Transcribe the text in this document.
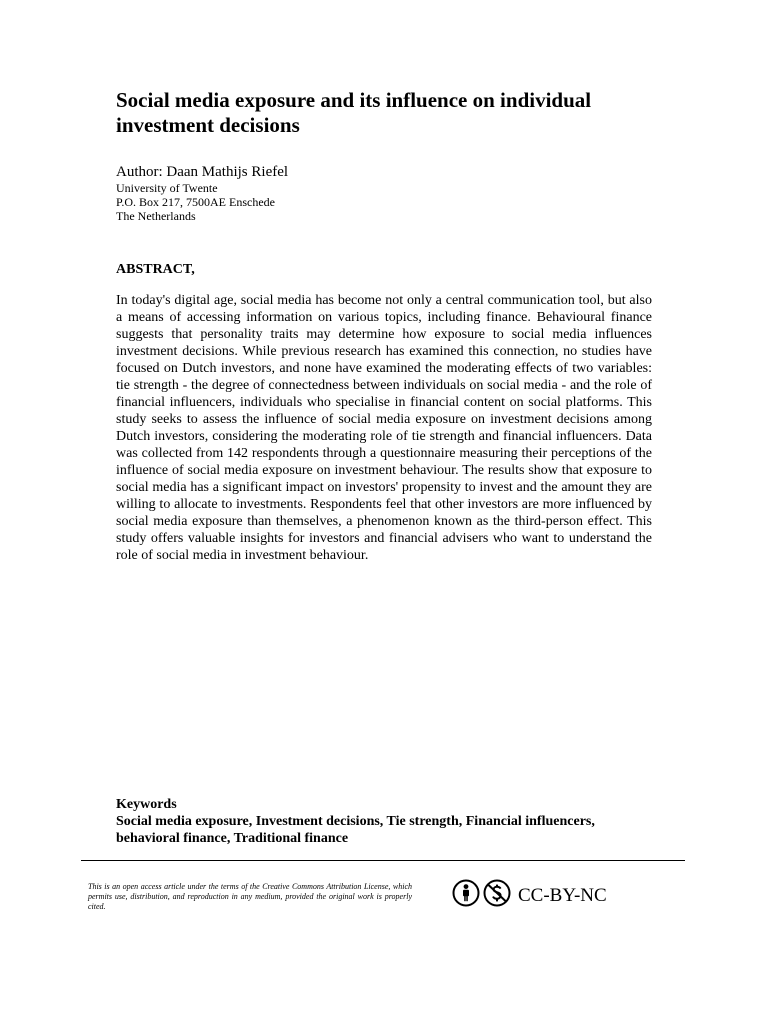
Social media exposure and its influence on individual investment decisions

Author: Daan Mathijs Riefel

University of Twente

P.O. Box 217, 7500AE Enschede

The Netherlands

ABSTRACT,

In today's digital age, social media has become not only a central communication tool, but also a means of accessing information on various topics, including finance. Behavioural finance suggests that personality traits may determine how exposure to social media influences investment decisions. While previous research has examined this connection, no studies have focused on Dutch investors, and none have examined the moderating effects of two variables: tie strength - the degree of connectedness between individuals on social media - and the role of financial influencers, individuals who specialise in financial content on social platforms. This study seeks to assess the influence of social media exposure on investment decisions among Dutch investors, considering the moderating role of tie strength and financial influencers. Data was collected from 142 respondents through a questionnaire measuring their perceptions of the influence of social media exposure on investment behaviour. The results show that exposure to social media has a significant impact on investors' propensity to invest and the amount they are willing to allocate to investments. Respondents feel that other investors are more influenced by social media exposure than themselves, a phenomenon known as the third-person effect. This study offers valuable insights for investors and financial advisers who want to understand the role of social media in investment behaviour.

Keywords

Social media exposure, Investment decisions, Tie strength, Financial influencers, behavioral finance, Traditional finance

This is an open access article under the terms of the Creative Commons Attribution License, which permits use, distribution, and reproduction in any medium, provided the original work is properly cited.

CC-BY-NC
